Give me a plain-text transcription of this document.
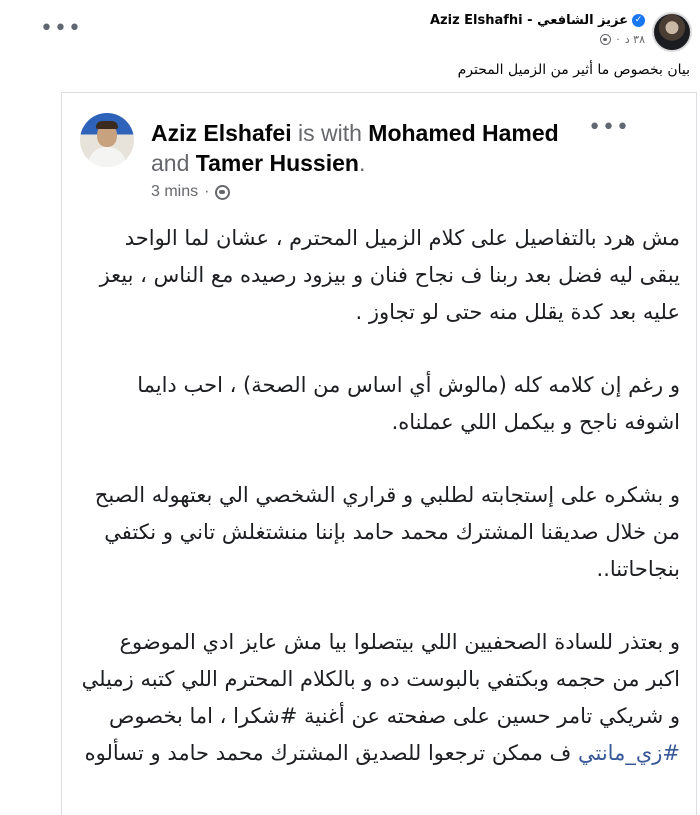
•••	✓
Aziz Elshafhi - عزيز الشافعي
٣٨ د
·
بيان بخصوص ما أثير من الزميل المحترم
Aziz Elshafei is with Mohamed Hamed
and Tamer Hussien.
•••
3 mins ·
مش هرد بالتفاصيل على كلام الزميل المحترم ، عشان لما الواحد يبقى ليه فضل بعد ربنا ف نجاح فنان و بيزود رصيده مع الناس ، بيعز عليه بعد كدة يقلل منه حتى لو تجاوز .
و رغم إن كلامه كله (مالوش أي اساس من الصحة) ، احب دايما اشوفه ناجح و بيكمل اللي عملناه.
و بشكره على إستجابته لطلبي و قراري الشخصي الي بعتهوله الصبح من خلال صديقنا المشترك محمد حامد بإننا منشتغلش تاني و نكتفي بنجاحاتنا..
و بعتذر للسادة الصحفيين اللي بيتصلوا بيا مش عايز ادي الموضوع اكبر من حجمه وبكتفي بالبوست ده و بالكلام المحترم اللي كتبه زميلي و شريكي تامر حسين على صفحته عن أغنية #شكرا ، اما بخصوص #زي_مانتي ف ممكن ترجعوا للصديق المشترك محمد حامد و تسألوه
